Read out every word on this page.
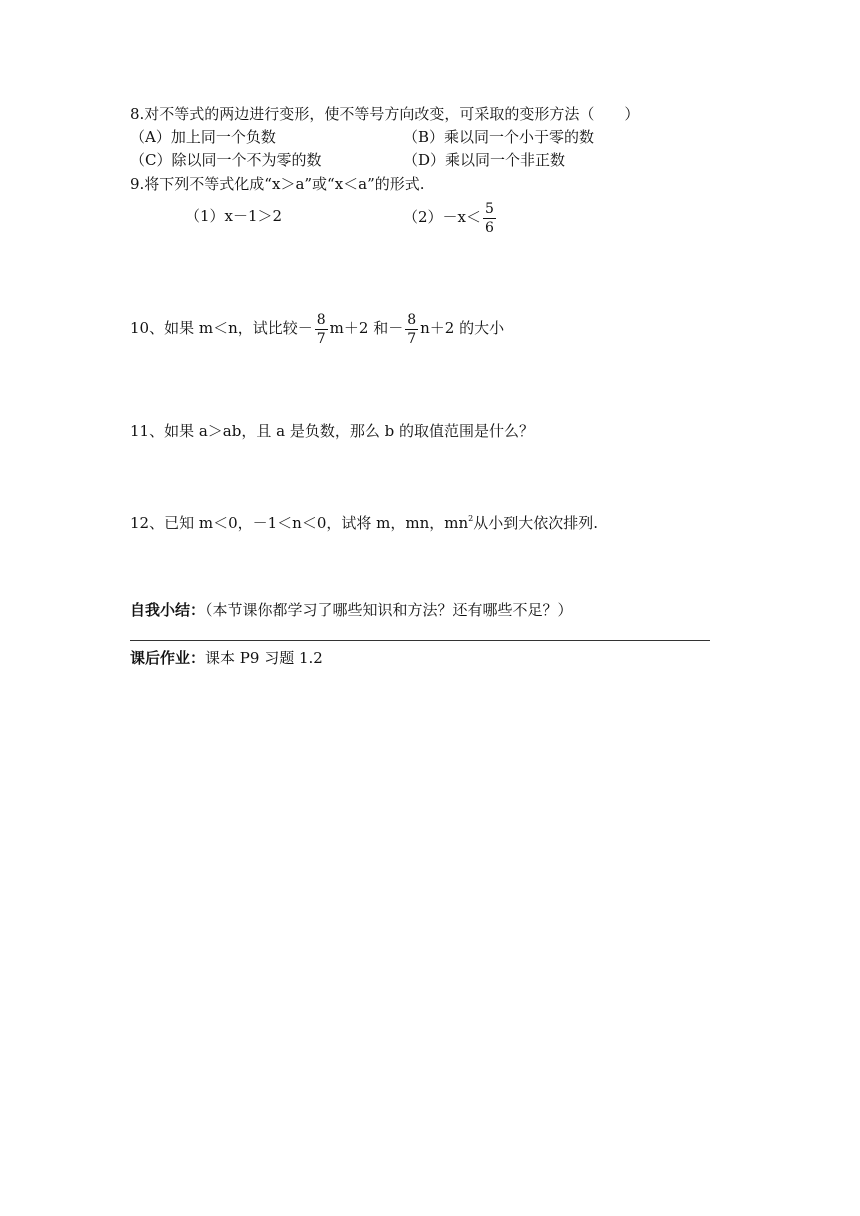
8.对不等式的两边进行变形，使不等号方向改变，可采取的变形方法（　　）
（A）加上同一个负数	（B）乘以同一个小于零的数
（C）除以同一个不为零的数	（D）乘以同一个非正数
9.将下列不等式化成“x＞a”或“x＜a”的形式.
（1）x－1＞2	$(2)-x< \frac{5}{6}$
10、如果 m＜n，试比较－ $\frac{8}{7} m+2$ 和－ $\frac{8}{7} n+2$ 的大小
11、如果 a＞ab，且 a 是负数，那么 b 的取值范围是什么？
12、已知 m＜0，－1＜n＜0，试将 m，mn，$mn^2$从小到大依次排列.
自我小结：（本节课你都学习了哪些知识和方法？还有哪些不足？）
课后作业：课本 P9 习题 1.2
